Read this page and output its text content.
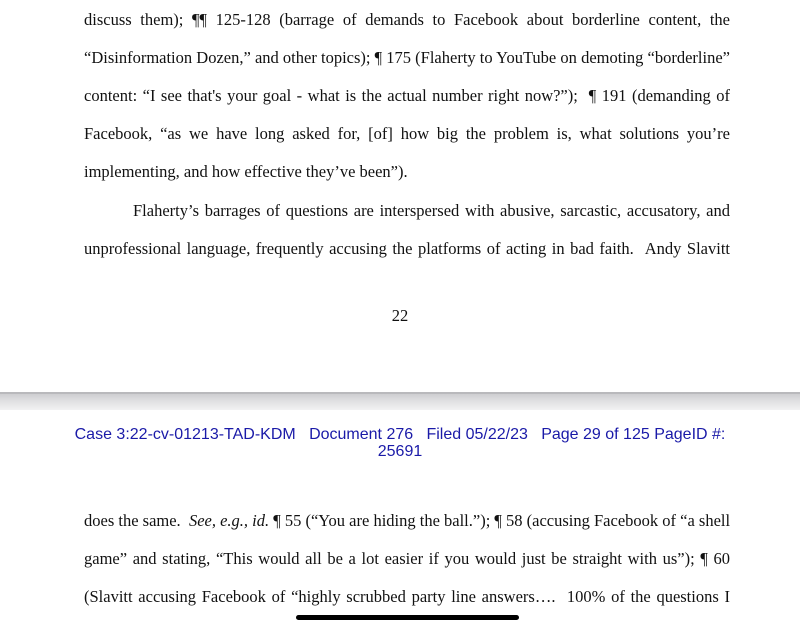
discuss them); ¶¶ 125-128 (barrage of demands to Facebook about borderline content, the
“Disinformation Dozen,” and other topics); ¶ 175 (Flaherty to YouTube on demoting “borderline”
content: “I see that's your goal - what is the actual number right now?”);  ¶ 191 (demanding of
Facebook, “as we have long asked for, [of] how big the problem is, what solutions you’re
implementing, and how effective they’ve been”).
Flaherty’s barrages of questions are interspersed with abusive, sarcastic, accusatory, and
unprofessional language, frequently accusing the platforms of acting in bad faith.  Andy Slavitt
22
Case 3:22-cv-01213-TAD-KDM   Document 276   Filed 05/22/23   Page 29 of 125 PageID #:
25691
does the same.  See, e.g., id. ¶ 55 (“You are hiding the ball.”); ¶ 58 (accusing Facebook of “a shell
game” and stating, “This would all be a lot easier if you would just be straight with us”); ¶ 60
(Slavitt accusing Facebook of “highly scrubbed party line answers….  100% of the questions I
